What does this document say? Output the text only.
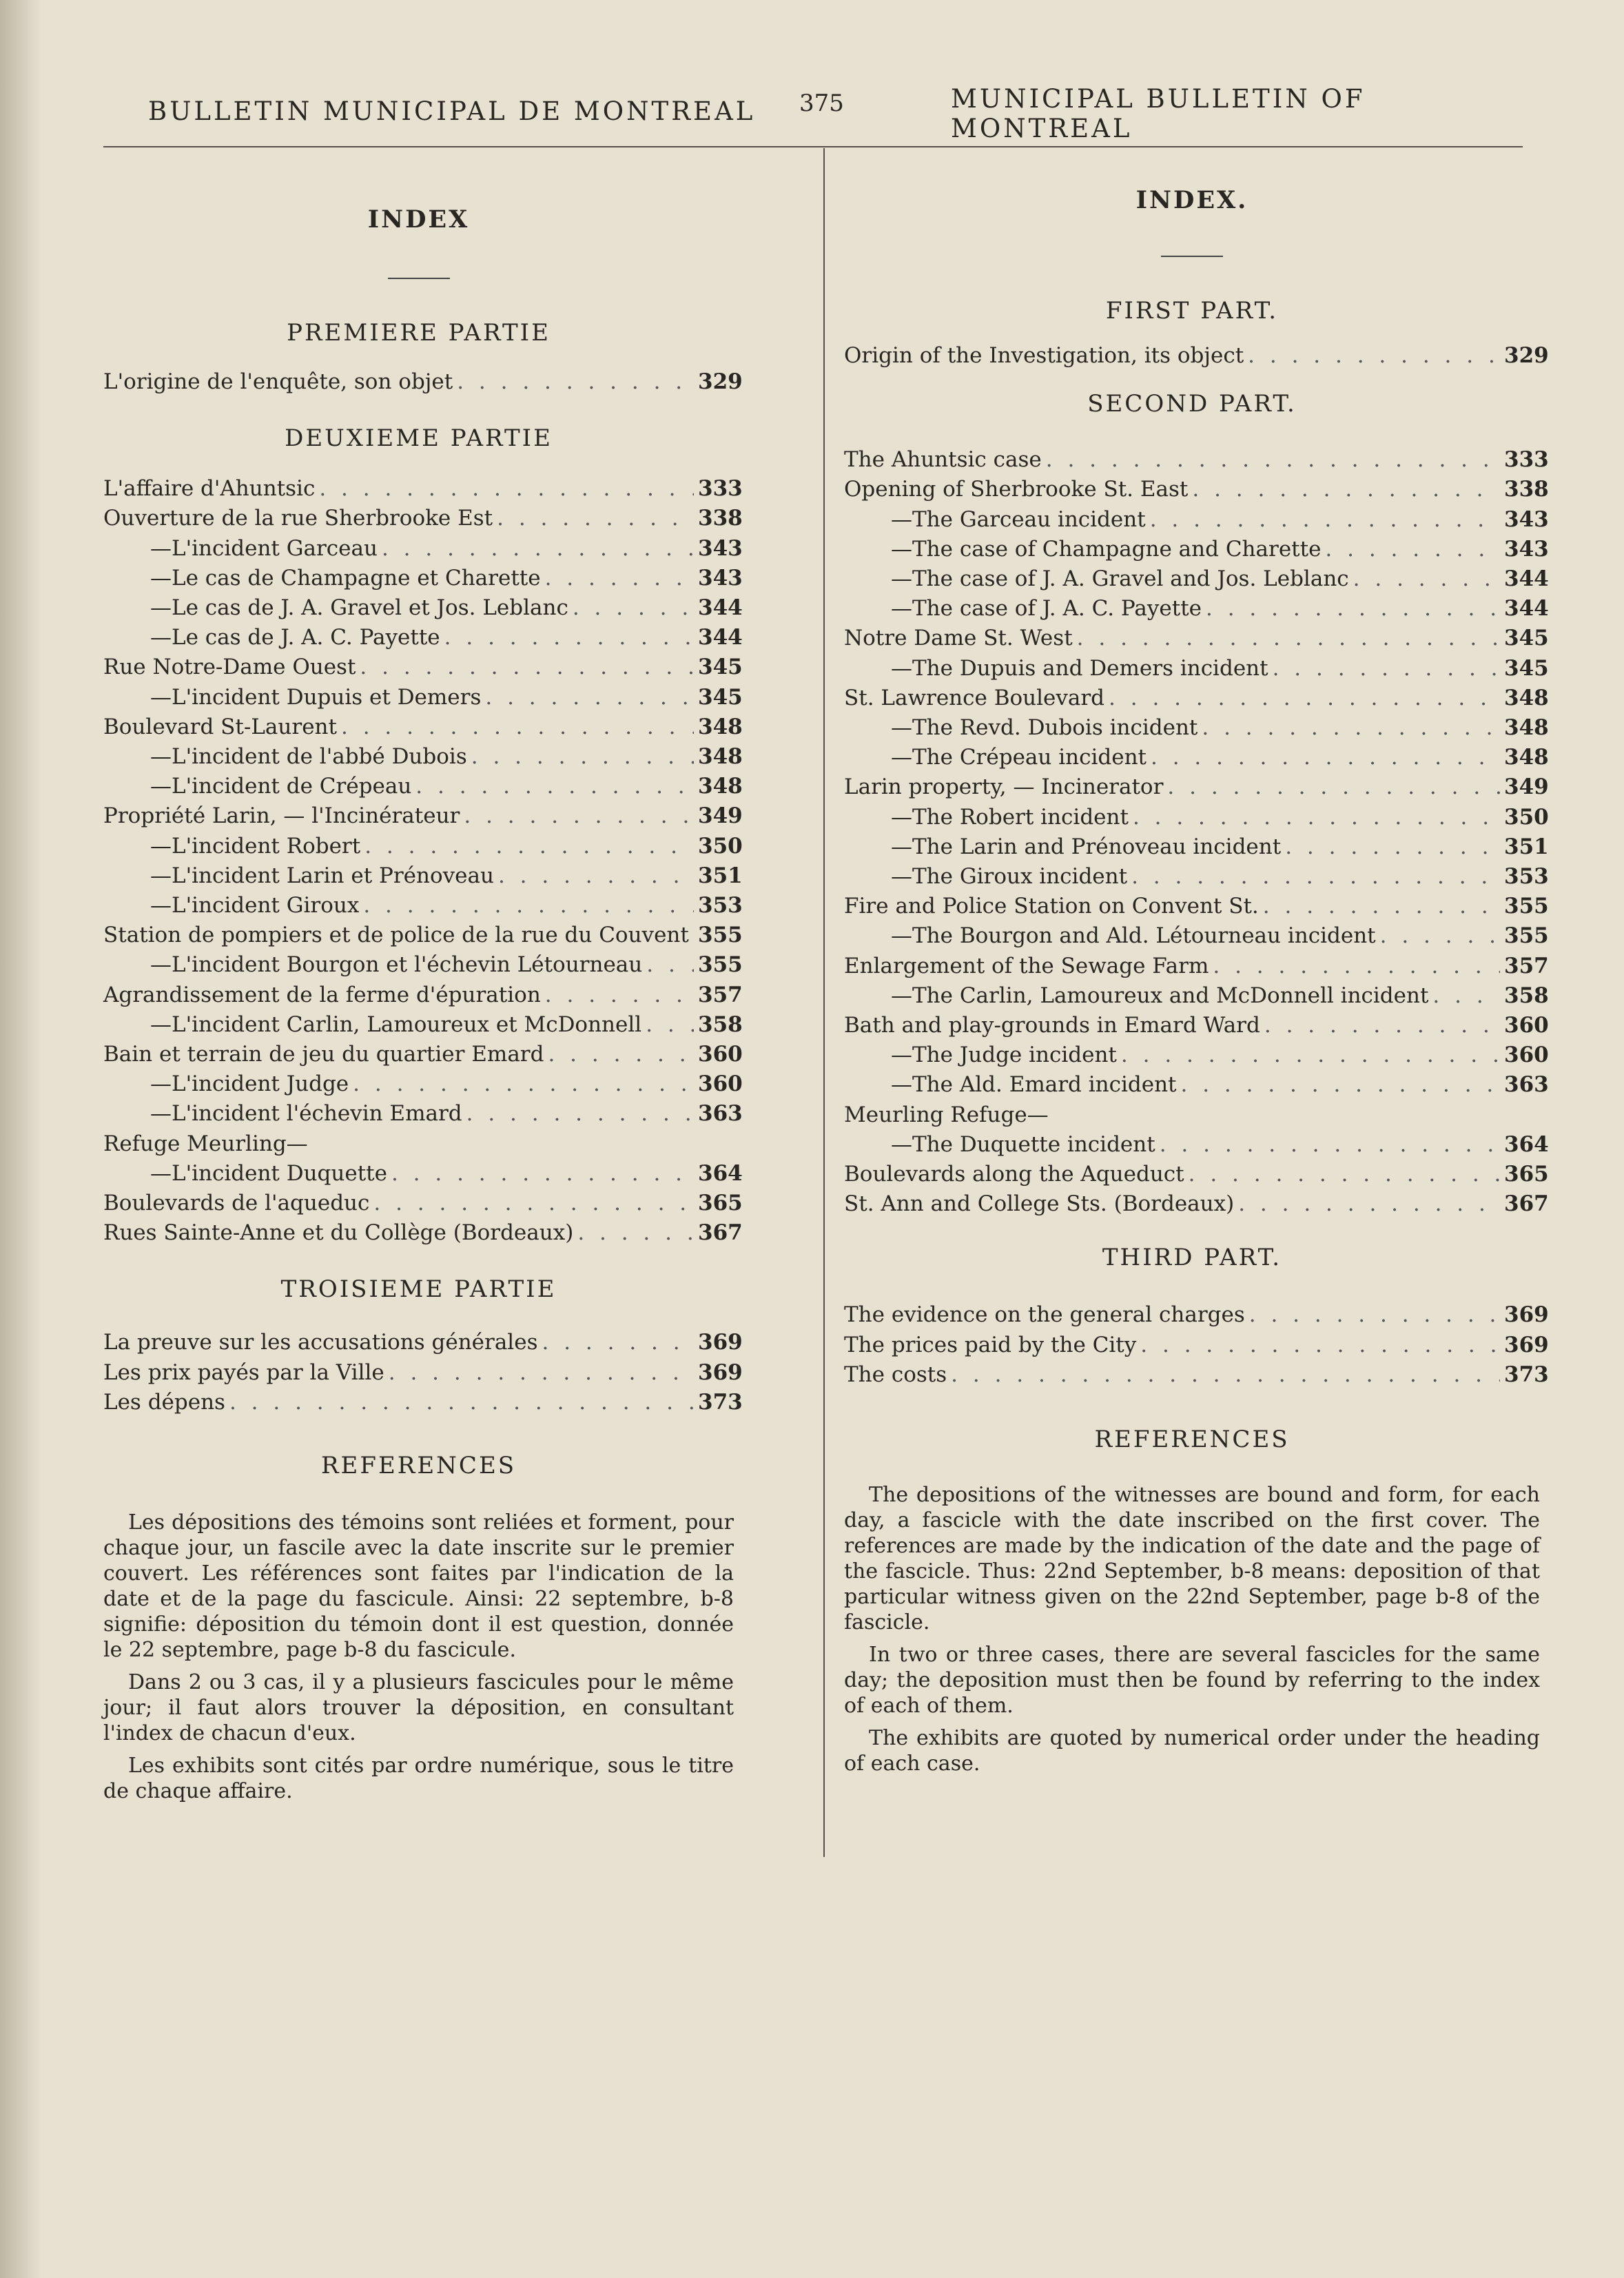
BULLETIN MUNICIPAL DE MONTREAL 375	MUNICIPAL BULLETIN OF MONTREAL
INDEX
PREMIERE PARTIE
L'origine de l'enquête, son objet . . .	329
DEUXIEME PARTIE
L'affaire d'Ahuntsic . . .	333
Ouverture de la rue Sherbrooke Est . . .	338
—L'incident Garceau . . .	343
—Le cas de Champagne et Charette . . .	343
—Le cas de J. A. Gravel et Jos. Leblanc . . .	344
—Le cas de J. A. C. Payette . . .	344
Rue Notre-Dame Ouest . . .	345
—L'incident Dupuis et Demers . . .	345
Boulevard St-Laurent . . .	348
—L'incident de l'abbé Dubois . . .	348
—L'incident de Crépeau . . .	348
Propriété Larin, — l'Incinérateur . . .	349
—L'incident Robert . . .	350
—L'incident Larin et Prénoveau . . .	351
—L'incident Giroux . . .	353
Station de pompiers et de police de la rue du Couvent . . . 355
—L'incident Bourgon et l'échevin Létourneau . . .	355
Agrandissement de la ferme d'épuration . . .	357
—L'incident Carlin, Lamoureux et McDonnell . . .	358
Bain et terrain de jeu du quartier Emard . . .	360
—L'incident Judge . . .	360
—L'incident l'échevin Emard . . .	363
Refuge Meurling—
—L'incident Duquette . . .	364
Boulevards de l'aqueduc . . .	365
Rues Sainte-Anne et du Collège (Bordeaux) . . .	367
TROISIEME PARTIE
La preuve sur les accusations générales . . .	369
Les prix payés par la Ville . . .	369
Les dépens . . .	373
REFERENCES

Les dépositions des témoins sont reliées et forment, pour chaque jour, un fascile avec la date inscrite sur le premier couvert. Les références sont faites par l'indication de la date et de la page du fascicule. Ainsi: 22 septembre, b-8 signifie: déposition du témoin dont il est question, donnée le 22 septembre, page b-8 du fascicule.

Dans 2 ou 3 cas, il y a plusieurs fascicules pour le même jour; il faut alors trouver la déposition, en consultant l'index de chacun d'eux.

Les exhibits sont cités par ordre numérique, sous le titre de chaque affaire.

INDEX.
FIRST PART.
Origin of the Investigation, its object . . .	329
SECOND PART.
The Ahuntsic case . . .	333
Opening of Sherbrooke St. East . . .	338
—The Garceau incident . . .	343
—The case of Champagne and Charette . . .	343
—The case of J. A. Gravel and Jos. Leblanc . . .	344
—The case of J. A. C. Payette . . .	344
Notre Dame St. West . . .	345
—The Dupuis and Demers incident . . .	345
St. Lawrence Boulevard . . .	348
—The Revd. Dubois incident . . .	348
—The Crépeau incident . . .	348
Larin property, — Incinerator . . .	349
—The Robert incident . . .	350
—The Larin and Prénoveau incident . . .	351
—The Giroux incident . . .	353
Fire and Police Station on Convent St. . . .	355
—The Bourgon and Ald. Létourneau incident . . .	355
Enlargement of the Sewage Farm . . .	357
—The Carlin, Lamoureux and McDonnell incident . . .	358
Bath and play-grounds in Emard Ward . . .	360
—The Judge incident . . .	360
—The Ald. Emard incident . . .	363
Meurling Refuge—
—The Duquette incident . . .	364
Boulevards along the Aqueduct . . .	365
St. Ann and College Sts. (Bordeaux) . . .	367
THIRD PART.
The evidence on the general charges . . .	369
The prices paid by the City . . .	369
The costs . . .	373
REFERENCES

The depositions of the witnesses are bound and form, for each day, a fascicle with the date inscribed on the first cover. The references are made by the indication of the date and the page of the fascicle. Thus: 22nd September, b-8 means: deposition of that particular witness given on the 22nd September, page b-8 of the fascicle.

In two or three cases, there are several fascicles for the same day; the deposition must then be found by referring to the index of each of them.

The exhibits are quoted by numerical order under the heading of each case.
